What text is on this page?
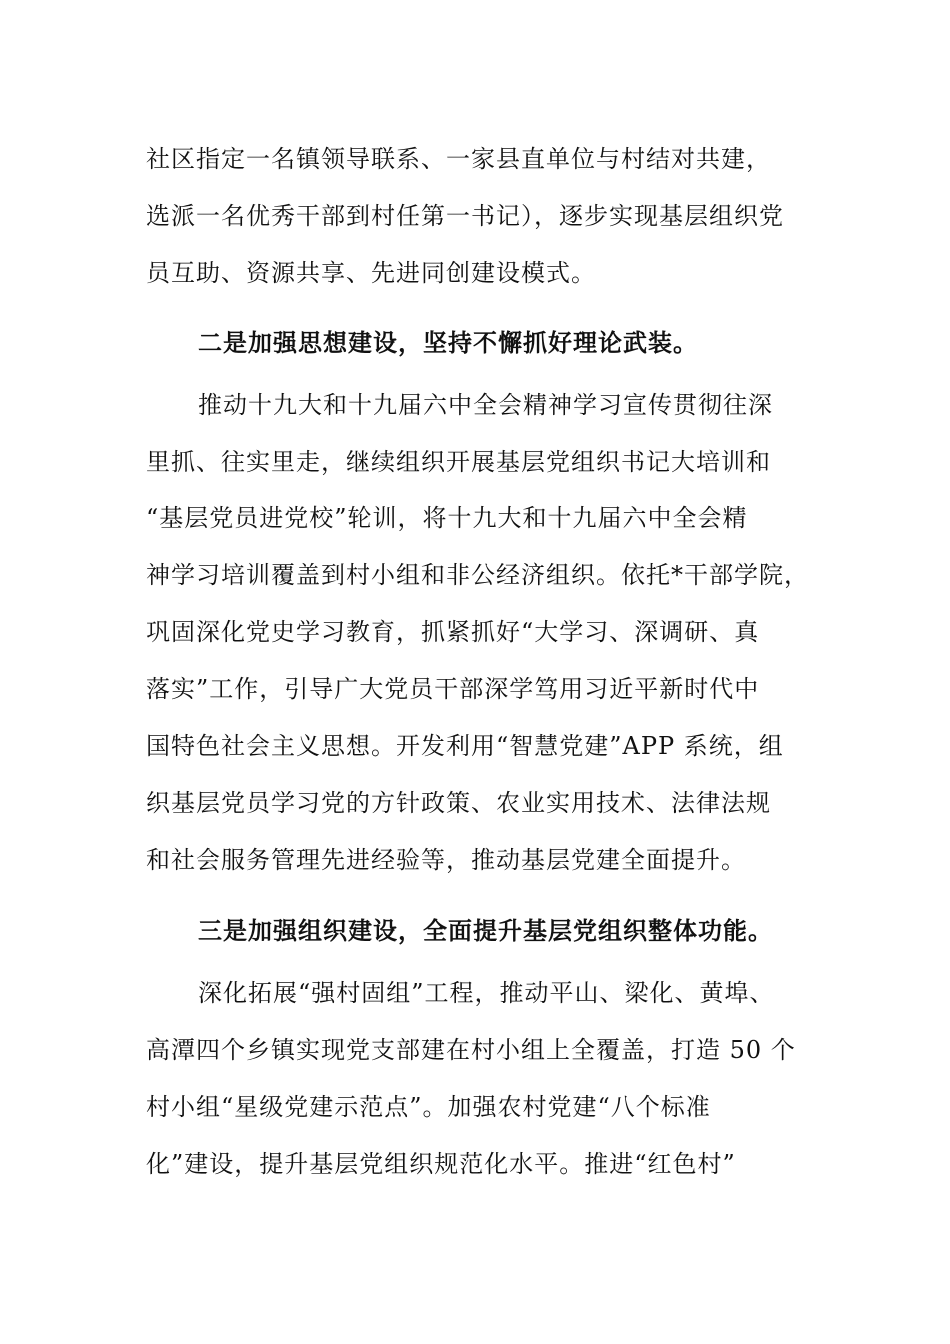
社区指定一名镇领导联系、一家县直单位与村结对共建，
选派一名优秀干部到村任第一书记），逐步实现基层组织党
员互助、资源共享、先进同创建设模式。
二是加强思想建设，坚持不懈抓好理论武装。
推动十九大和十九届六中全会精神学习宣传贯彻往深
里抓、往实里走，继续组织开展基层党组织书记大培训和
“基层党员进党校”轮训，将十九大和十九届六中全会精
神学习培训覆盖到村小组和非公经济组织。依托*干部学院，
巩固深化党史学习教育，抓紧抓好“大学习、深调研、真
落实”工作，引导广大党员干部深学笃用习近平新时代中
国特色社会主义思想。开发利用“智慧党建”APP 系统，组
织基层党员学习党的方针政策、农业实用技术、法律法规
和社会服务管理先进经验等，推动基层党建全面提升。
三是加强组织建设，全面提升基层党组织整体功能。
深化拓展“强村固组”工程，推动平山、梁化、黄埠、
高潭四个乡镇实现党支部建在村小组上全覆盖，打造 50 个
村小组“星级党建示范点”。加强农村党建“八个标准
化”建设，提升基层党组织规范化水平。推进“红色村”
